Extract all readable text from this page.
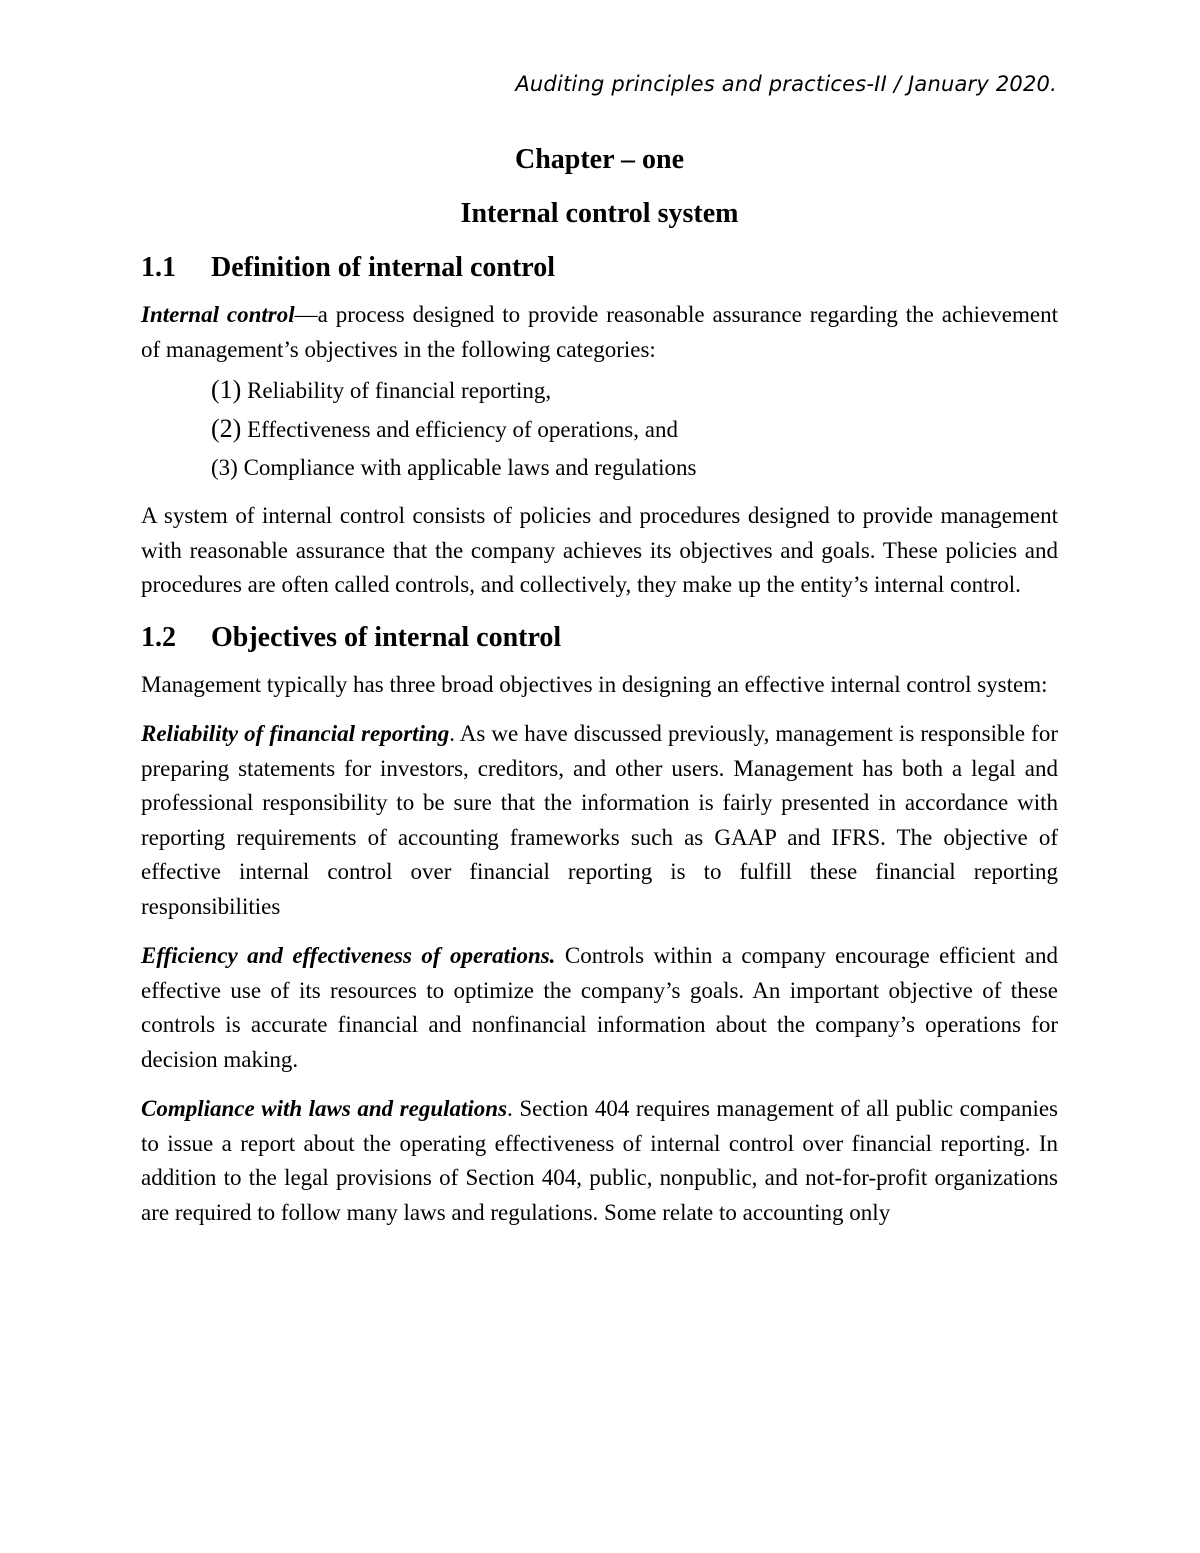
Auditing principles and practices-II / January 2020.

Chapter – one

Internal control system

1.1 Definition of internal control

Internal control—a process designed to provide reasonable assurance regarding the achievement of management’s objectives in the following categories:

(1) Reliability of financial reporting,
(2) Effectiveness and efficiency of operations, and
(3) Compliance with applicable laws and regulations

A system of internal control consists of policies and procedures designed to provide management with reasonable assurance that the company achieves its objectives and goals. These policies and procedures are often called controls, and collectively, they make up the entity’s internal control.

1.2 Objectives of internal control

Management typically has three broad objectives in designing an effective internal control system:

Reliability of financial reporting. As we have discussed previously, management is responsible for preparing statements for investors, creditors, and other users. Management has both a legal and professional responsibility to be sure that the information is fairly presented in accordance with reporting requirements of accounting frameworks such as GAAP and IFRS. The objective of effective internal control over financial reporting is to fulfill these financial reporting responsibilities

Efficiency and effectiveness of operations. Controls within a company encourage efficient and effective use of its resources to optimize the company’s goals. An important objective of these controls is accurate financial and nonfinancial information about the company’s operations for decision making.

Compliance with laws and regulations. Section 404 requires management of all public companies to issue a report about the operating effectiveness of internal control over financial reporting. In addition to the legal provisions of Section 404, public, nonpublic, and not-for-profit organizations are required to follow many laws and regulations. Some relate to accounting only
